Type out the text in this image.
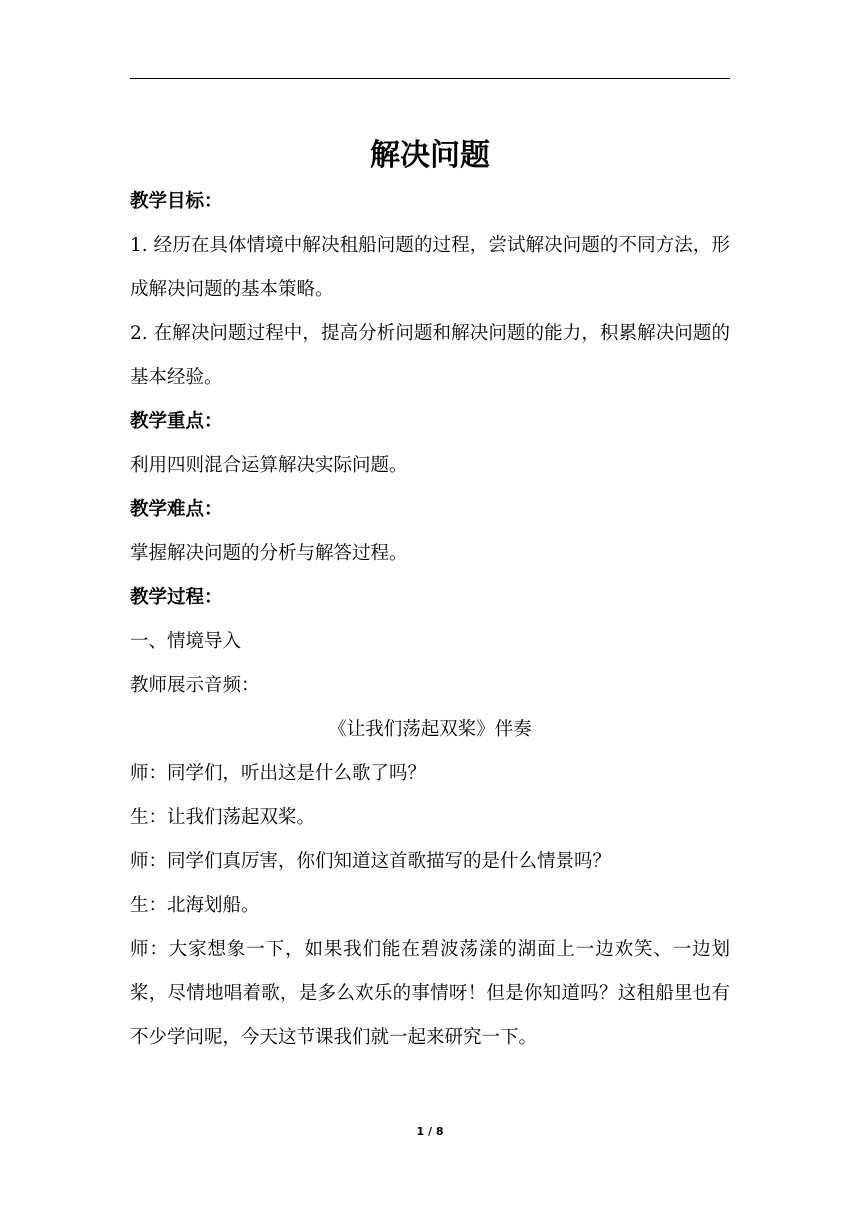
解决问题

教学目标：

1. 经历在具体情境中解决租船问题的过程，尝试解决问题的不同方法，形成解决问题的基本策略。

2. 在解决问题过程中，提高分析问题和解决问题的能力，积累解决问题的基本经验。

教学重点：

利用四则混合运算解决实际问题。

教学难点：

掌握解决问题的分析与解答过程。

教学过程：

一、情境导入

教师展示音频：

《让我们荡起双桨》伴奏

师：同学们，听出这是什么歌了吗？

生：让我们荡起双桨。

师：同学们真厉害，你们知道这首歌描写的是什么情景吗？

生：北海划船。

师：大家想象一下，如果我们能在碧波荡漾的湖面上一边欢笑、一边划桨，尽情地唱着歌，是多么欢乐的事情呀！但是你知道吗？这租船里也有不少学问呢，今天这节课我们就一起来研究一下。

1 / 8
